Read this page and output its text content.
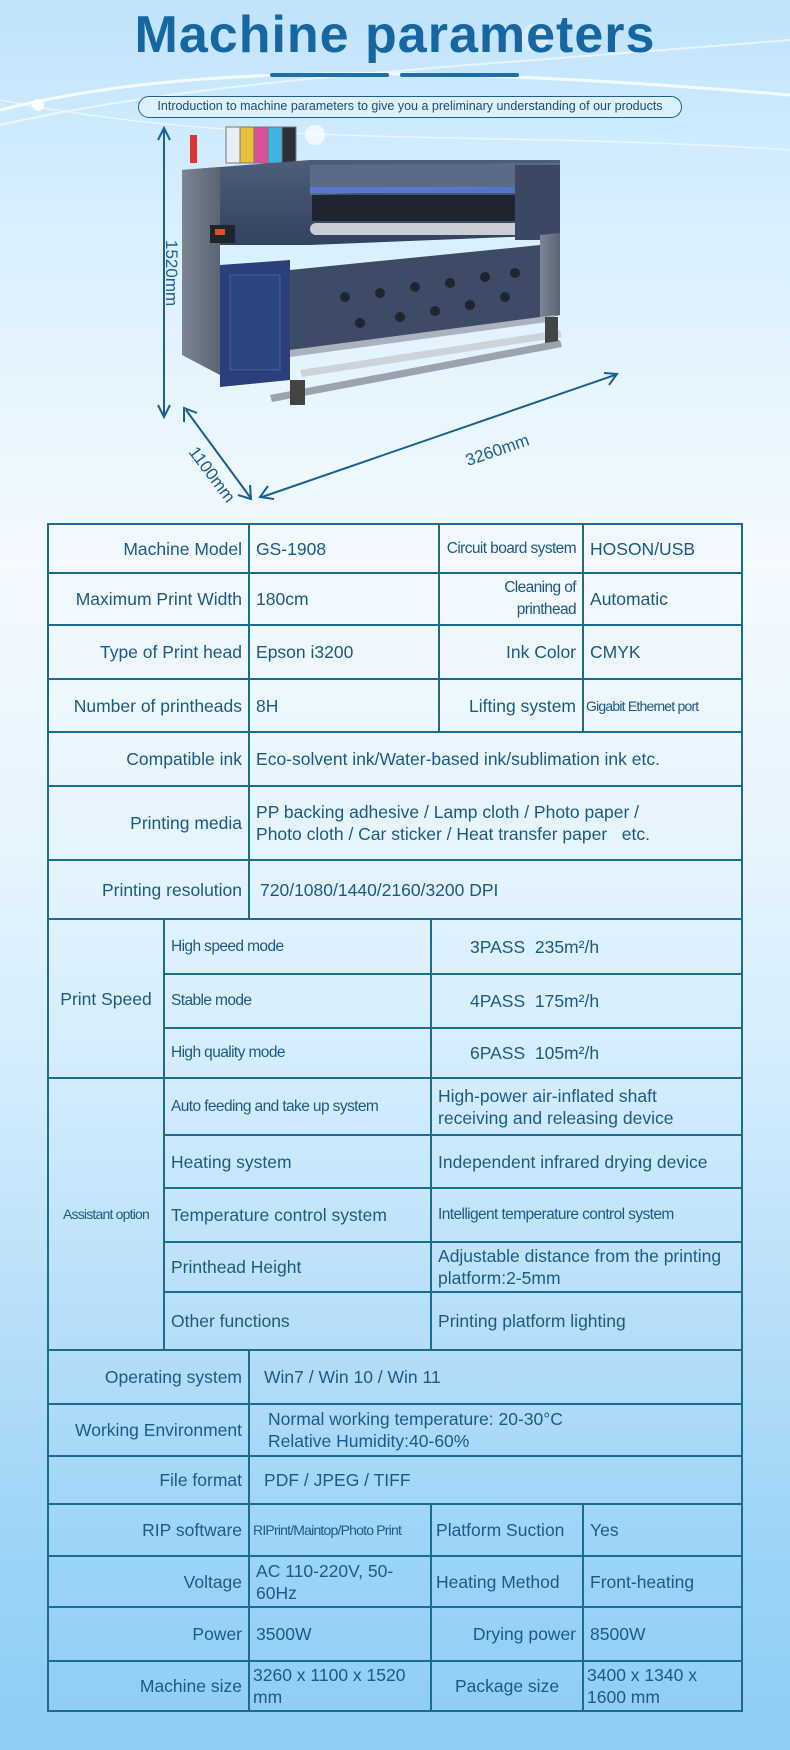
Machine parameters
Introduction to machine parameters to give you a preliminary understanding of our products
1520mm
1100mm	3260mm
Machine Model		GS-1908		Circuit board system	HOSON/USB
Maximum Print Width		180cm		Cleaning of printhead	Automatic
Type of Print head		Epson i3200		Ink Color	CMYK
Number of printheads		8H		Lifting system	Gigabit Ethernet port
Compatible ink		Eco-solvent ink/Water-based ink/sublimation ink etc.			
Printing media		PP backing adhesive / Lamp cloth / Photo paper /
Photo cloth / Car sticker / Heat transfer paper   etc.			

Printing resolution		720/1080/1440/2160/3200 DPI			
Print Speed	High speed mode		3PASS  235m²/h		
	Stable mode		4PASS  175m²/h		
	High quality mode		6PASS  105m²/h		
Assistant option	Auto feeding and take up system		High-power air-inflated shaft
receiving and releasing device		

	Heating system		Independent infrared drying device		
	Temperature control system		Intelligent temperature control system		
	Printhead Height		Adjustable distance from the printing
platform:2-5mm		

	Other functions		Printing platform lighting		
Operating system		Win7 / Win 10 / Win 11			
Working Environment		Normal working temperature: 20-30°C
Relative Humidity:40-60%			

File format		PDF / JPEG / TIFF			
RIP software		RIPrint/Maintop/Photo Print	Platform Suction		Yes
Voltage		AC 110-220V, 50-60Hz	Heating Method		Front-heating
Power		3500W	Drying power		8500W
Machine size		3260 x 1100 x 1520 mm	Package size		3400 x 1340 x 1600 mm
